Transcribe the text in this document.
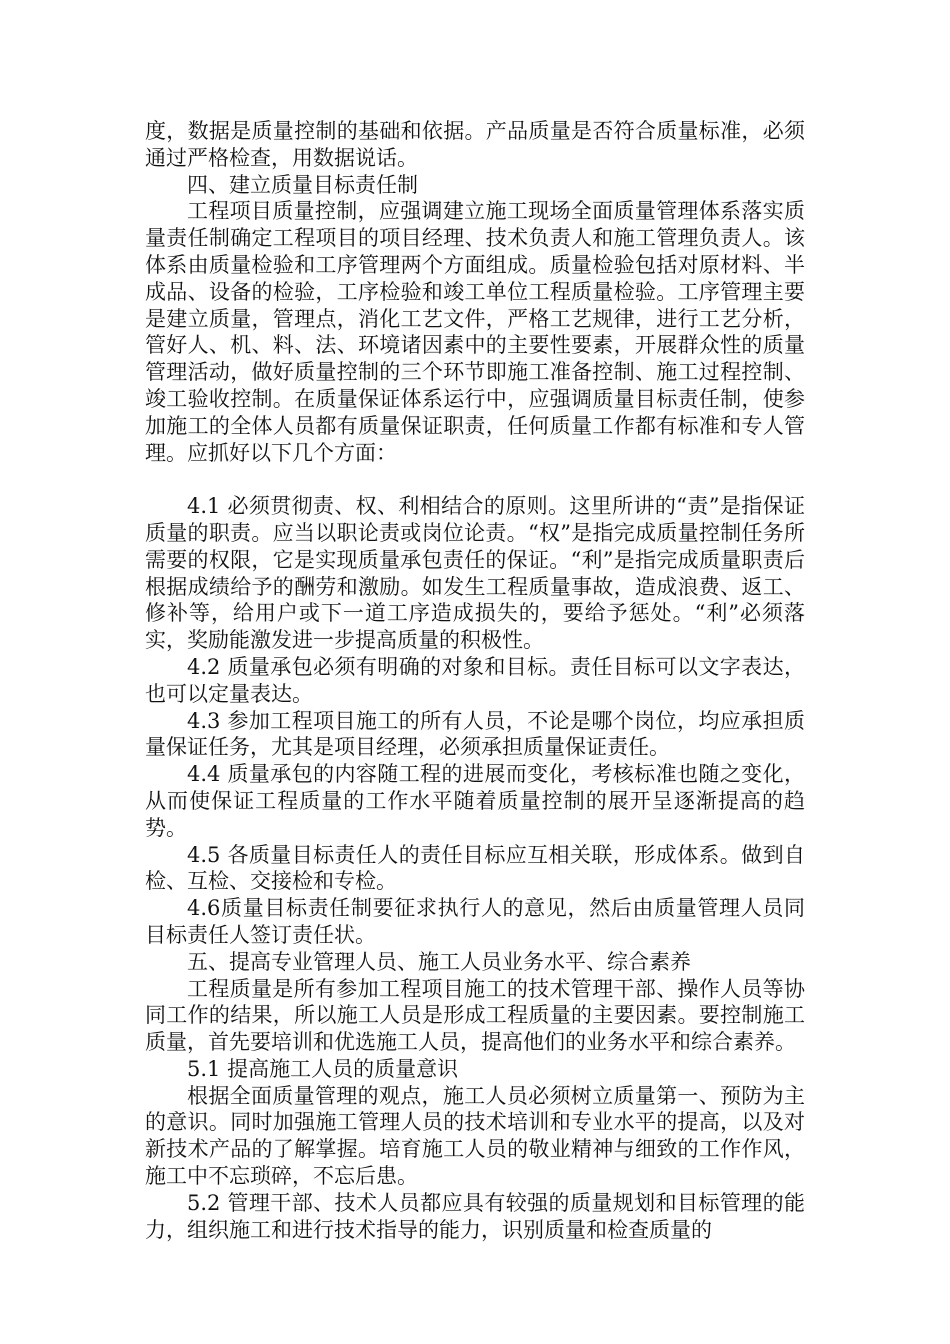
度，数据是质量控制的基础和依据。产品质量是否符合质量标准，必须通过严格检查，用数据说话。

四、建立质量目标责任制

工程项目质量控制，应强调建立施工现场全面质量管理体系落实质量责任制确定工程项目的项目经理、技术负责人和施工管理负责人。该体系由质量检验和工序管理两个方面组成。质量检验包括对原材料、半成品、设备的检验，工序检验和竣工单位工程质量检验。工序管理主要是建立质量，管理点，消化工艺文件，严格工艺规律，进行工艺分析，管好人、机、料、法、环境诸因素中的主要性要素，开展群众性的质量管理活动，做好质量控制的三个环节即施工准备控制、施工过程控制、竣工验收控制。在质量保证体系运行中，应强调质量目标责任制，使参加施工的全体人员都有质量保证职责，任何质量工作都有标准和专人管理。应抓好以下几个方面：

4.1 必须贯彻责、权、利相结合的原则。这里所讲的“责”是指保证质量的职责。应当以职论责或岗位论责。“权”是指完成质量控制任务所需要的权限，它是实现质量承包责任的保证。“利”是指完成质量职责后根据成绩给予的酬劳和激励。如发生工程质量事故，造成浪费、返工、修补等，给用户或下一道工序造成损失的，要给予惩处。“利”必须落实，奖励能激发进一步提高质量的积极性。

4.2 质量承包必须有明确的对象和目标。责任目标可以文字表达，也可以定量表达。

4.3 参加工程项目施工的所有人员，不论是哪个岗位，均应承担质量保证任务，尤其是项目经理，必须承担质量保证责任。

4.4 质量承包的内容随工程的进展而变化，考核标准也随之变化，从而使保证工程质量的工作水平随着质量控制的展开呈逐渐提高的趋势。

4.5 各质量目标责任人的责任目标应互相关联，形成体系。做到自检、互检、交接检和专检。

4.6质量目标责任制要征求执行人的意见，然后由质量管理人员同目标责任人签订责任状。

五、提高专业管理人员、施工人员业务水平、综合素养

工程质量是所有参加工程项目施工的技术管理干部、操作人员等协同工作的结果，所以施工人员是形成工程质量的主要因素。要控制施工质量，首先要培训和优选施工人员，提高他们的业务水平和综合素养。

5.1 提高施工人员的质量意识

根据全面质量管理的观点，施工人员必须树立质量第一、预防为主的意识。同时加强施工管理人员的技术培训和专业水平的提高，以及对新技术产品的了解掌握。培育施工人员的敬业精神与细致的工作作风，施工中不忘琐碎，不忘后患。

5.2 管理干部、技术人员都应具有较强的质量规划和目标管理的能力，组织施工和进行技术指导的能力，识别质量和检查质量的
